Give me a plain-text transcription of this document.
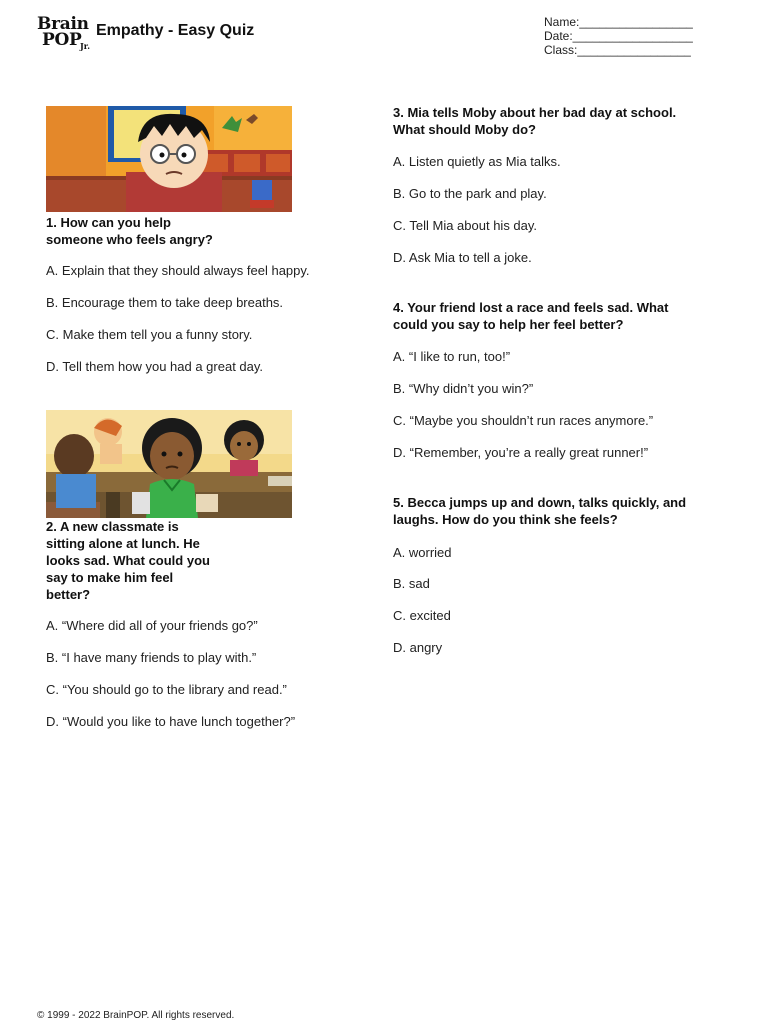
Brain
POP
Jr.
Empathy - Easy Quiz	Name:_________________
Date:__________________
Class:_________________
1. How can you help
someone who feels angry?
A. Explain that they should always feel happy.
B. Encourage them to take deep breaths.
C. Make them tell you a funny story.
D. Tell them how you had a great day.
2. A new classmate is
sitting alone at lunch. He
looks sad. What could you
say to make him feel
better?
A. “Where did all of your friends go?”
B. “I have many friends to play with.”
C. “You should go to the library and read.”
D. “Would you like to have lunch together?”
3. Mia tells Moby about her bad day at school.
What should Moby do?
A. Listen quietly as Mia talks.
B. Go to the park and play.
C. Tell Mia about his day.
D. Ask Mia to tell a joke.
4. Your friend lost a race and feels sad. What
could you say to help her feel better?
A. “I like to run, too!”
B. “Why didn’t you win?”
C. “Maybe you shouldn’t run races anymore.”
D. “Remember, you’re a really great runner!”
5. Becca jumps up and down, talks quickly, and
laughs. How do you think she feels?
A. worried
B. sad
C. excited
D. angry
© 1999 - 2022 BrainPOP. All rights reserved.
